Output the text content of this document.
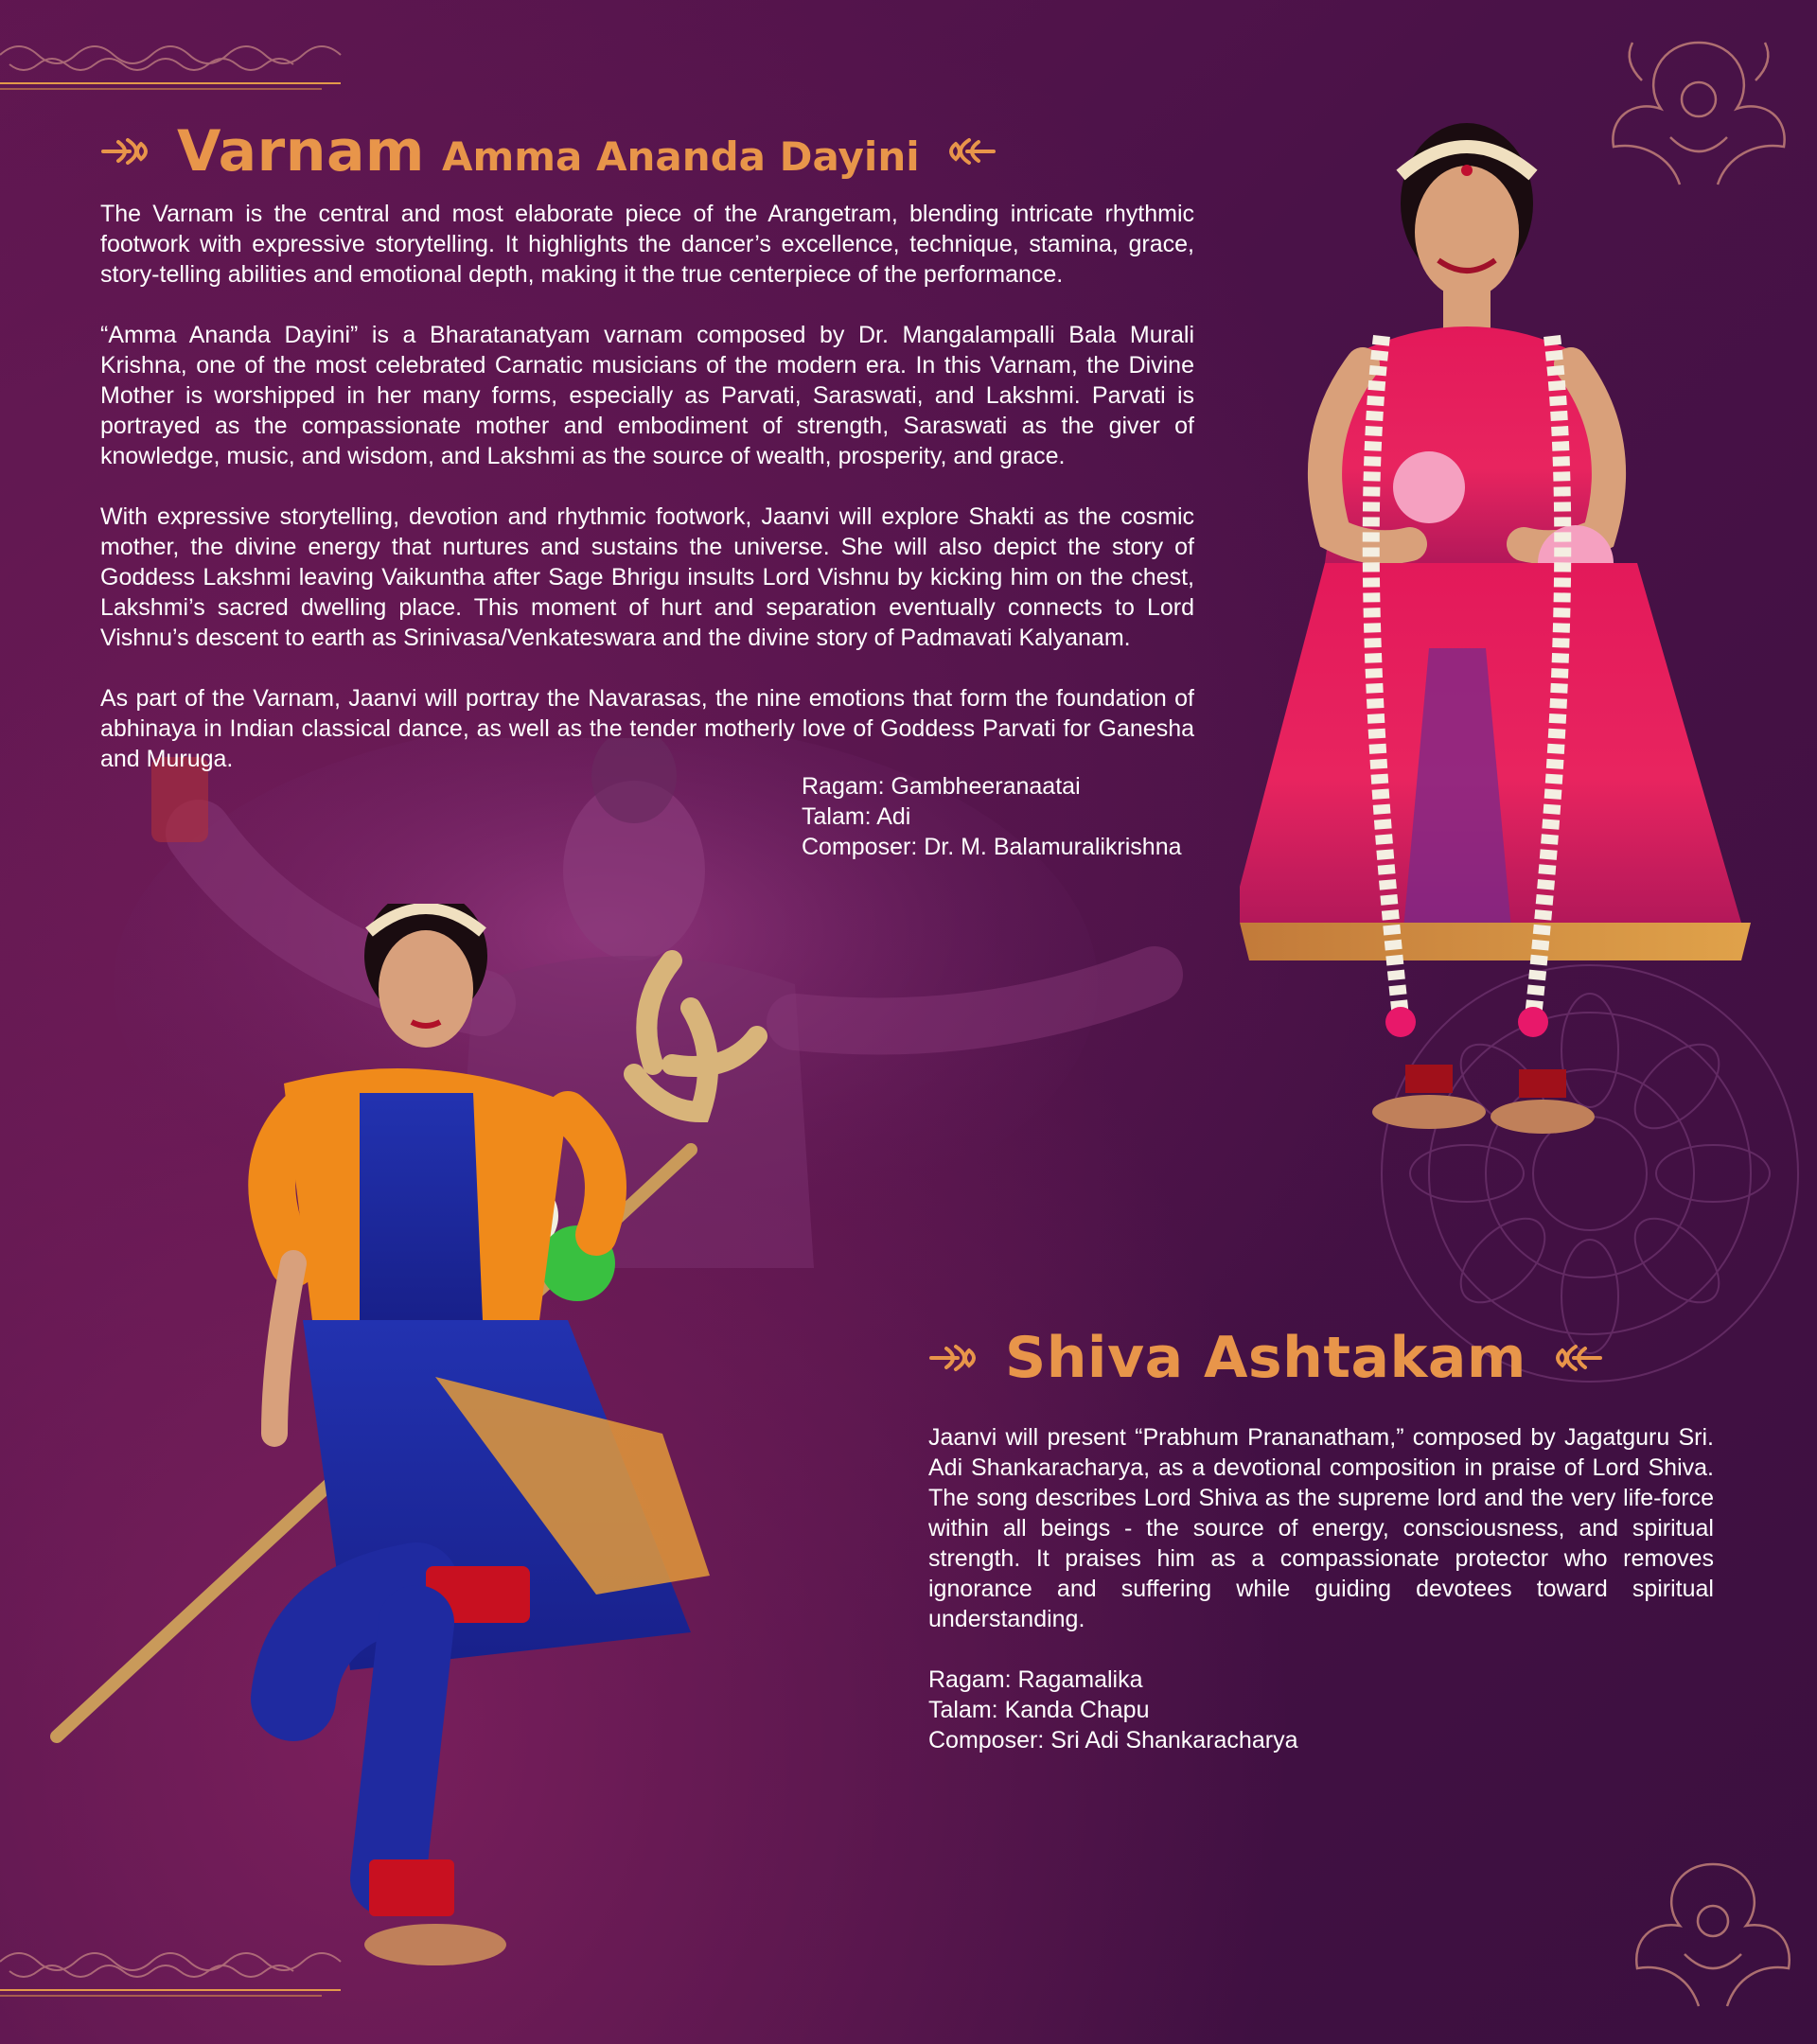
Varnam Amma Ananda Dayini

The Varnam is the central and most elaborate piece of the Arangetram, blending intricate rhythmic footwork with expressive storytelling. It highlights the dancer’s excellence, technique, stamina, grace, story-telling abilities and emotional depth, making it the true centerpiece of the performance.

“Amma Ananda Dayini” is a Bharatanatyam varnam composed by Dr. Mangalampalli Bala Murali Krishna, one of the most celebrated Carnatic musicians of the modern era. In this Varnam, the Divine Mother is worshipped in her many forms, especially as Parvati, Saraswati, and Lakshmi. Parvati is portrayed as the compassionate mother and embodiment of strength, Saraswati as the giver of knowledge, music, and wisdom, and Lakshmi as the source of wealth, prosperity, and grace.

With expressive storytelling, devotion and rhythmic footwork, Jaanvi will explore Shakti as the cosmic mother, the divine energy that nurtures and sustains the universe. She will also depict the story of Goddess Lakshmi leaving Vaikuntha after Sage Bhrigu insults Lord Vishnu by kicking him on the chest, Lakshmi’s sacred dwelling place. This moment of hurt and separation eventually connects to Lord Vishnu’s descent to earth as Srinivasa/Venkateswara and the divine story of Padmavati Kalyanam.

As part of the Varnam, Jaanvi will portray the Navarasas, the nine emotions that form the foundation of abhinaya in Indian classical dance, as well as the tender motherly love of Goddess Parvati for Ganesha and Muruga.

Ragam: Gambheeranaatai
Talam: Adi
Composer: Dr. M. Balamuralikrishna
Shiva Ashtakam

Jaanvi will present “Prabhum Prananatham,” composed by Jagatguru Sri. Adi Shankaracharya, as a devotional composition in praise of Lord Shiva. The song describes Lord Shiva as the supreme lord and the very life-force within all beings - the source of energy, consciousness, and spiritual strength. It praises him as a compassionate protector who removes ignorance and suffering while guiding devotees toward spiritual understanding.

Ragam: Ragamalika
Talam: Kanda Chapu
Composer: Sri Adi Shankaracharya
